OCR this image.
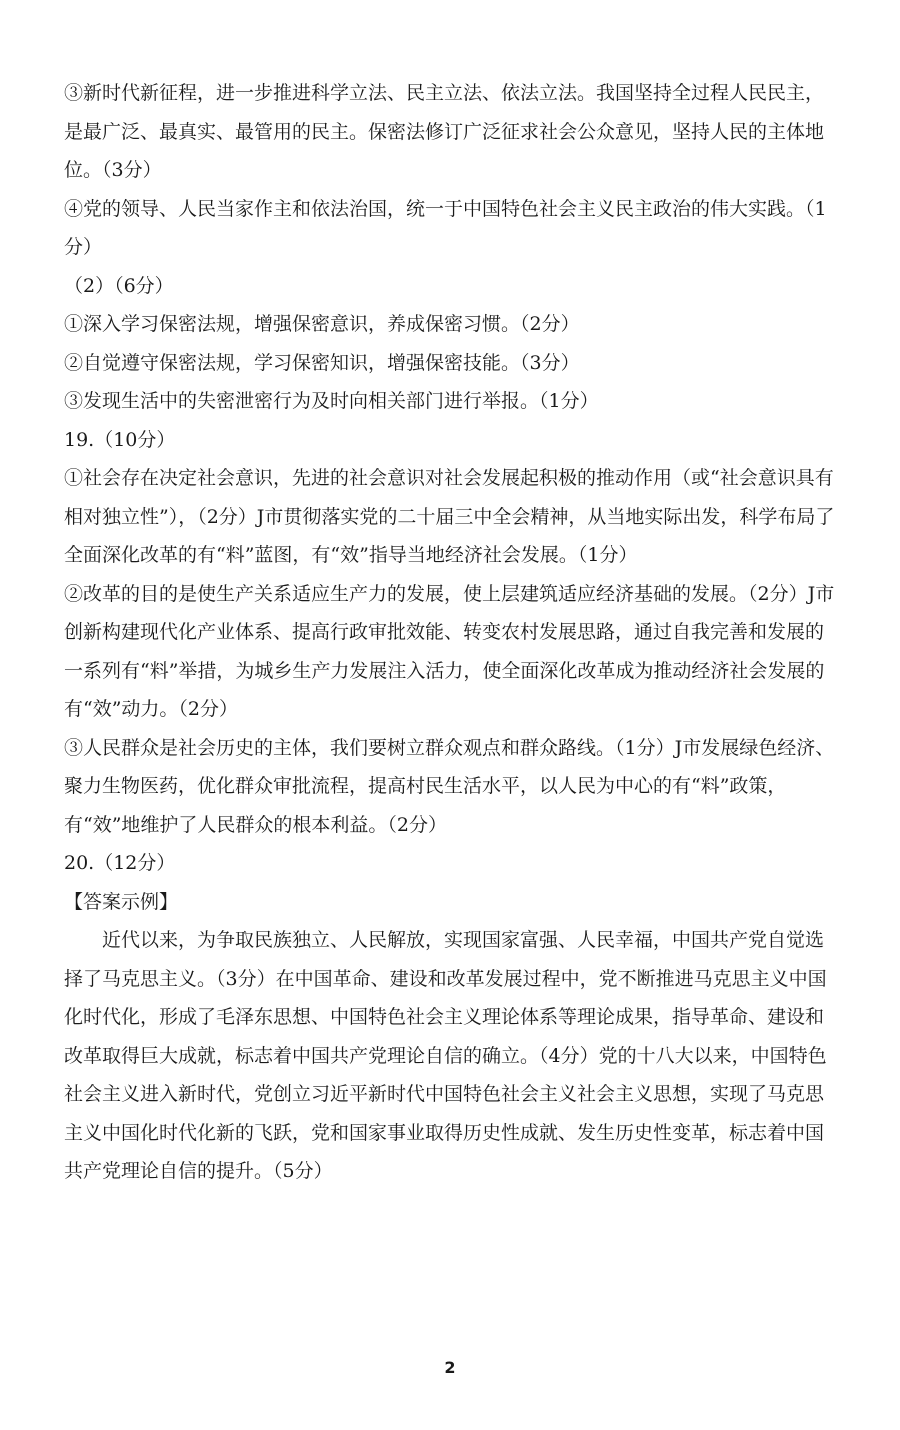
③新时代新征程，进一步推进科学立法、民主立法、依法立法。我国坚持全过程人民民主，是最广泛、最真实、最管用的民主。保密法修订广泛征求社会公众意见，坚持人民的主体地位。（3分）

④党的领导、人民当家作主和依法治国，统一于中国特色社会主义民主政治的伟大实践。（1分）

（2）（6分）

①深入学习保密法规，增强保密意识，养成保密习惯。（2分）

②自觉遵守保密法规，学习保密知识，增强保密技能。（3分）

③发现生活中的失密泄密行为及时向相关部门进行举报。（1分）

19.（10分）

①社会存在决定社会意识，先进的社会意识对社会发展起积极的推动作用（或“社会意识具有相对独立性”），（2分）J市贯彻落实党的二十届三中全会精神，从当地实际出发，科学布局了全面深化改革的有“料”蓝图，有“效”指导当地经济社会发展。（1分）

②改革的目的是使生产关系适应生产力的发展，使上层建筑适应经济基础的发展。（2分）J市创新构建现代化产业体系、提高行政审批效能、转变农村发展思路，通过自我完善和发展的一系列有“料”举措，为城乡生产力发展注入活力，使全面深化改革成为推动经济社会发展的有“效”动力。（2分）

③人民群众是社会历史的主体，我们要树立群众观点和群众路线。（1分）J市发展绿色经济、聚力生物医药，优化群众审批流程，提高村民生活水平，以人民为中心的有“料”政策，有“效”地维护了人民群众的根本利益。（2分）

20.（12分）

【答案示例】

近代以来，为争取民族独立、人民解放，实现国家富强、人民幸福，中国共产党自觉选择了马克思主义。（3分）在中国革命、建设和改革发展过程中，党不断推进马克思主义中国化时代化，形成了毛泽东思想、中国特色社会主义理论体系等理论成果，指导革命、建设和改革取得巨大成就，标志着中国共产党理论自信的确立。（4分）党的十八大以来，中国特色社会主义进入新时代，党创立习近平新时代中国特色社会主义社会主义思想，实现了马克思主义中国化时代化新的飞跃，党和国家事业取得历史性成就、发生历史性变革，标志着中国共产党理论自信的提升。（5分）

2
